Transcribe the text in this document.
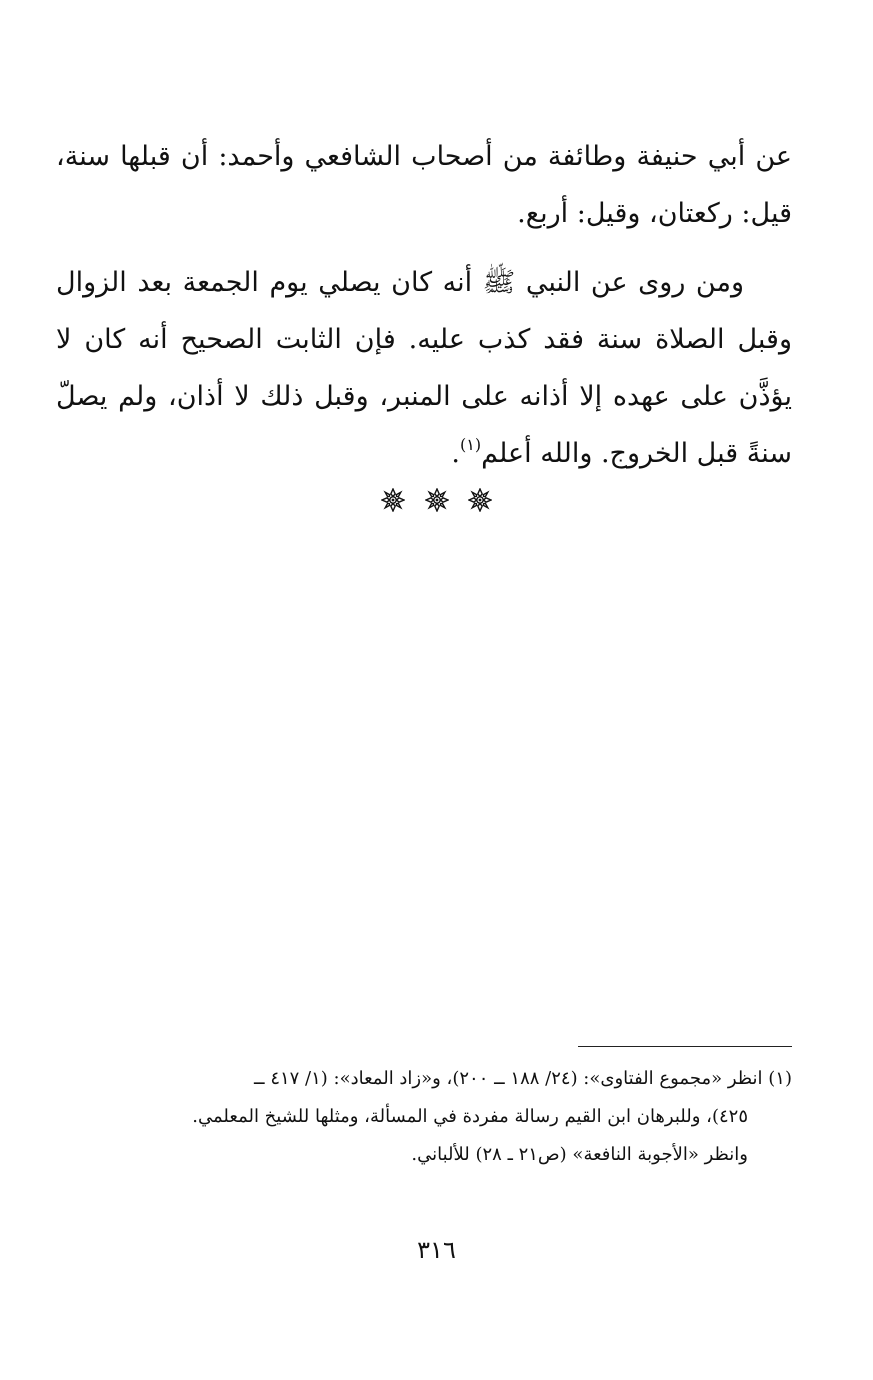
عن أبي حنيفة وطائفة من أصحاب الشافعي وأحمد: أن قبلها سنة، قيل: ركعتان، وقيل: أربع.

ومن روى عن النبي ﷺ أنه كان يصلي يوم الجمعة بعد الزوال وقبل الصلاة سنة فقد كذب عليه. فإن الثابت الصحيح أنه كان لا يؤذَّن على عهده إلا أذانه على المنبر، وقبل ذلك لا أذان، ولم يصلّ سنةً قبل الخروج. والله أعلم$^{(١)}$.

(١) انظر «مجموع الفتاوى»: (٢٤/ ١٨٨ ــ ٢٠٠)، و«زاد المعاد»: (١/ ٤١٧ ــ
٤٢٥)، وللبرهان ابن القيم رسالة مفردة في المسألة، ومثلها للشيخ المعلمي.
وانظر «الأجوبة النافعة» (ص٢١ ـ ٢٨) للألباني.
٣١٦
